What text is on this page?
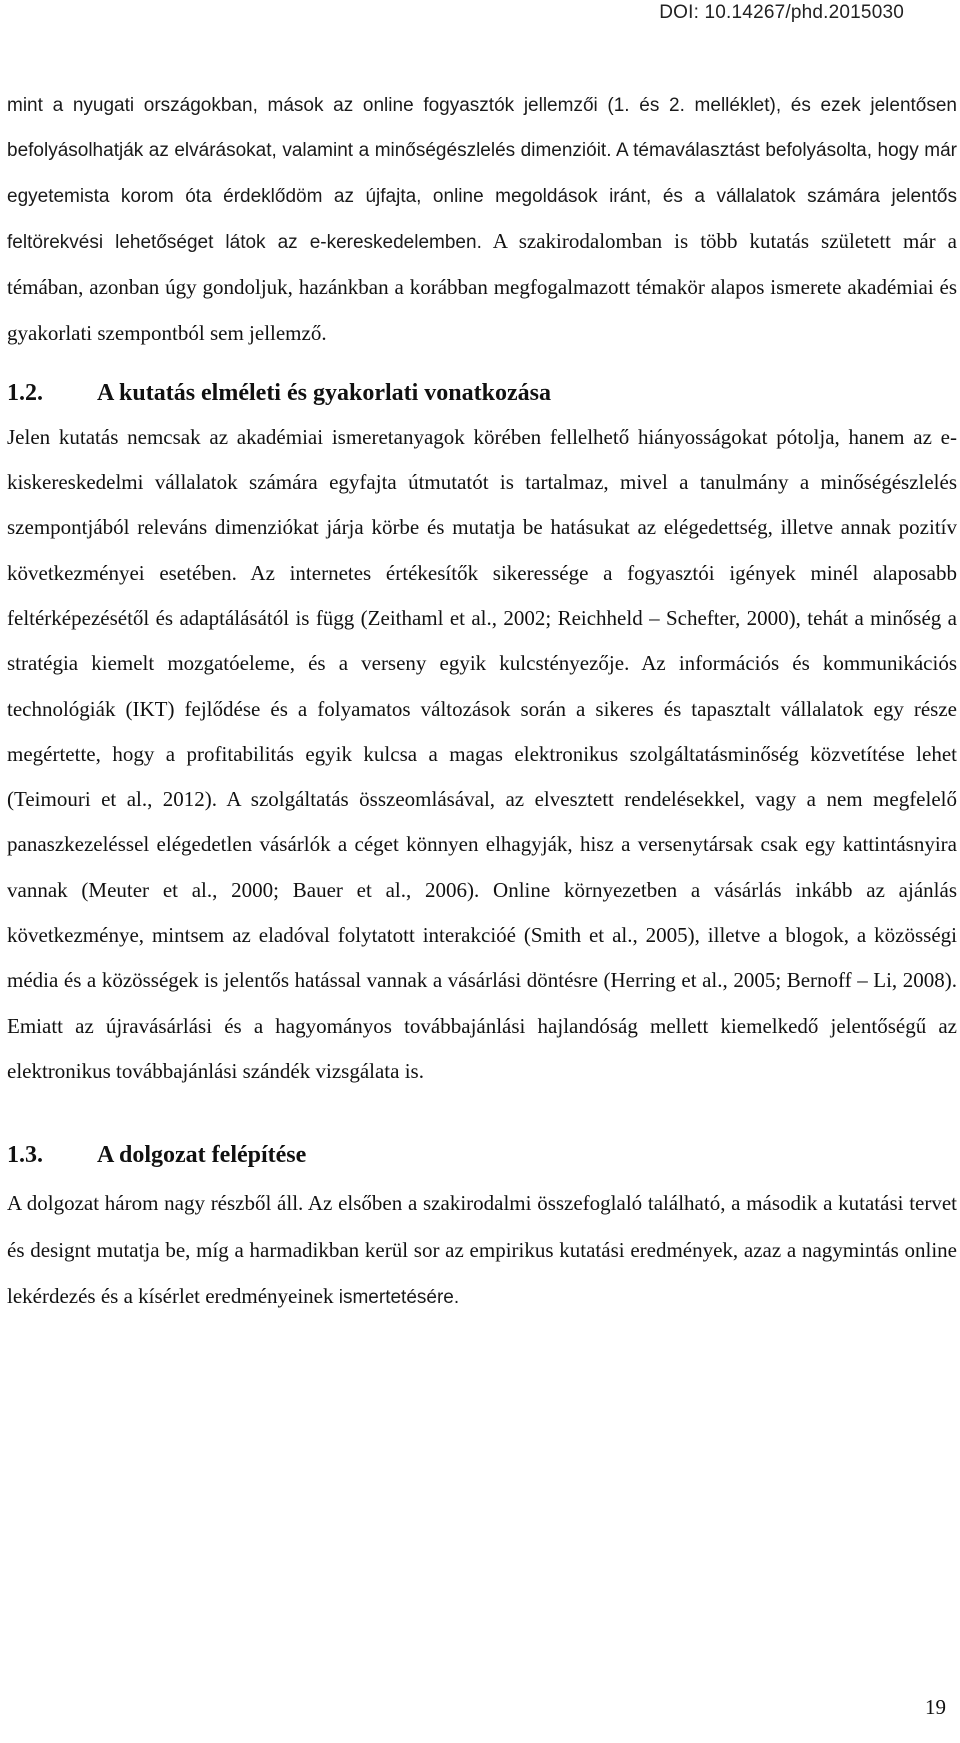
DOI: 10.14267/phd.2015030

mint a nyugati országokban, mások az online fogyasztók jellemzői (1. és 2. melléklet), és ezek jelentősen befolyásolhatják az elvárásokat, valamint a minőségészlelés dimenzióit. A témaválasztást befolyásolta, hogy már egyetemista korom óta érdeklődöm az újfajta, online megoldások iránt, és a vállalatok számára jelentős feltörekvési lehetőséget látok az e-kereskedelemben. A szakirodalomban is több kutatás született már a témában, azonban úgy gondoljuk, hazánkban a korábban megfogalmazott témakör alapos ismerete akadémiai és gyakorlati szempontból sem jellemző.

1.2.	A kutatás elméleti és gyakorlati vonatkozása

Jelen kutatás nemcsak az akadémiai ismeretanyagok körében fellelhető hiányosságokat pótolja, hanem az e-kiskereskedelmi vállalatok számára egyfajta útmutatót is tartalmaz, mivel a tanulmány a minőségészlelés szempontjából releváns dimenziókat járja körbe és mutatja be hatásukat az elégedettség, illetve annak pozitív következményei esetében. Az internetes értékesítők sikeressége a fogyasztói igények minél alaposabb feltérképezésétől és adaptálásától is függ (Zeithaml et al., 2002; Reichheld – Schefter, 2000), tehát a minőség a stratégia kiemelt mozgatóeleme, és a verseny egyik kulcstényezője. Az információs és kommunikációs technológiák (IKT) fejlődése és a folyamatos változások során a sikeres és tapasztalt vállalatok egy része megértette, hogy a profitabilitás egyik kulcsa a magas elektronikus szolgáltatásminőség közvetítése lehet (Teimouri et al., 2012). A szolgáltatás összeomlásával, az elvesztett rendelésekkel, vagy a nem megfelelő panaszkezeléssel elégedetlen vásárlók a céget könnyen elhagyják, hisz a versenytársak csak egy kattintásnyira vannak (Meuter et al., 2000; Bauer et al., 2006). Online környezetben a vásárlás inkább az ajánlás következménye, mintsem az eladóval folytatott interakcióé (Smith et al., 2005), illetve a blogok, a közösségi média és a közösségek is jelentős hatással vannak a vásárlási döntésre (Herring et al., 2005; Bernoff – Li, 2008). Emiatt az újravásárlási és a hagyományos továbbajánlási hajlandóság mellett kiemelkedő jelentőségű az elektronikus továbbajánlási szándék vizsgálata is.

1.3.	A dolgozat felépítése

A dolgozat három nagy részből áll. Az elsőben a szakirodalmi összefoglaló található, a második a kutatási tervet és designt mutatja be, míg a harmadikban kerül sor az empirikus kutatási eredmények, azaz a nagymintás online lekérdezés és a kísérlet eredményeinek ismertetésére.

19
